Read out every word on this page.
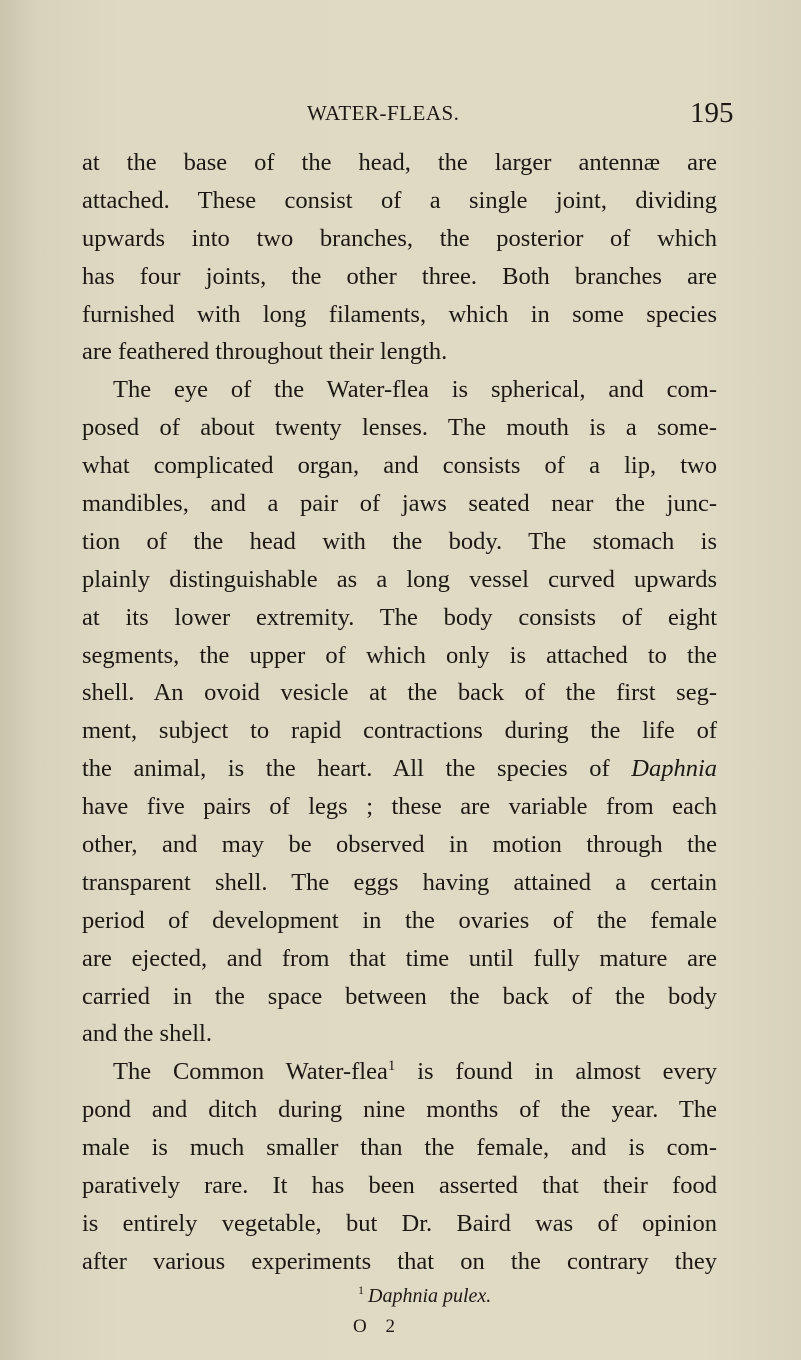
WATER-FLEAS.	195
at the base of the head, the larger antennæ are
attached. These consist of a single joint, dividing
upwards into two branches, the posterior of which
has four joints, the other three. Both branches are
furnished with long filaments, which in some species
are feathered throughout their length.
The eye of the Water-flea is spherical, and com-
posed of about twenty lenses. The mouth is a some-
what complicated organ, and consists of a lip, two
mandibles, and a pair of jaws seated near the junc-
tion of the head with the body. The stomach is
plainly distinguishable as a long vessel curved upwards
at its lower extremity. The body consists of eight
segments, the upper of which only is attached to the
shell. An ovoid vesicle at the back of the first seg-
ment, subject to rapid contractions during the life of
the animal, is the heart. All the species of Daphnia
have five pairs of legs ; these are variable from each
other, and may be observed in motion through the
transparent shell. The eggs having attained a certain
period of development in the ovaries of the female
are ejected, and from that time until fully mature are
carried in the space between the back of the body
and the shell.
The Common Water-flea$^1$ is found in almost every
pond and ditch during nine months of the year. The
male is much smaller than the female, and is com-
paratively rare. It has been asserted that their food
is entirely vegetable, but Dr. Baird was of opinion
after various experiments that on the contrary they
$^1$ Daphnia pulex.
O 2
